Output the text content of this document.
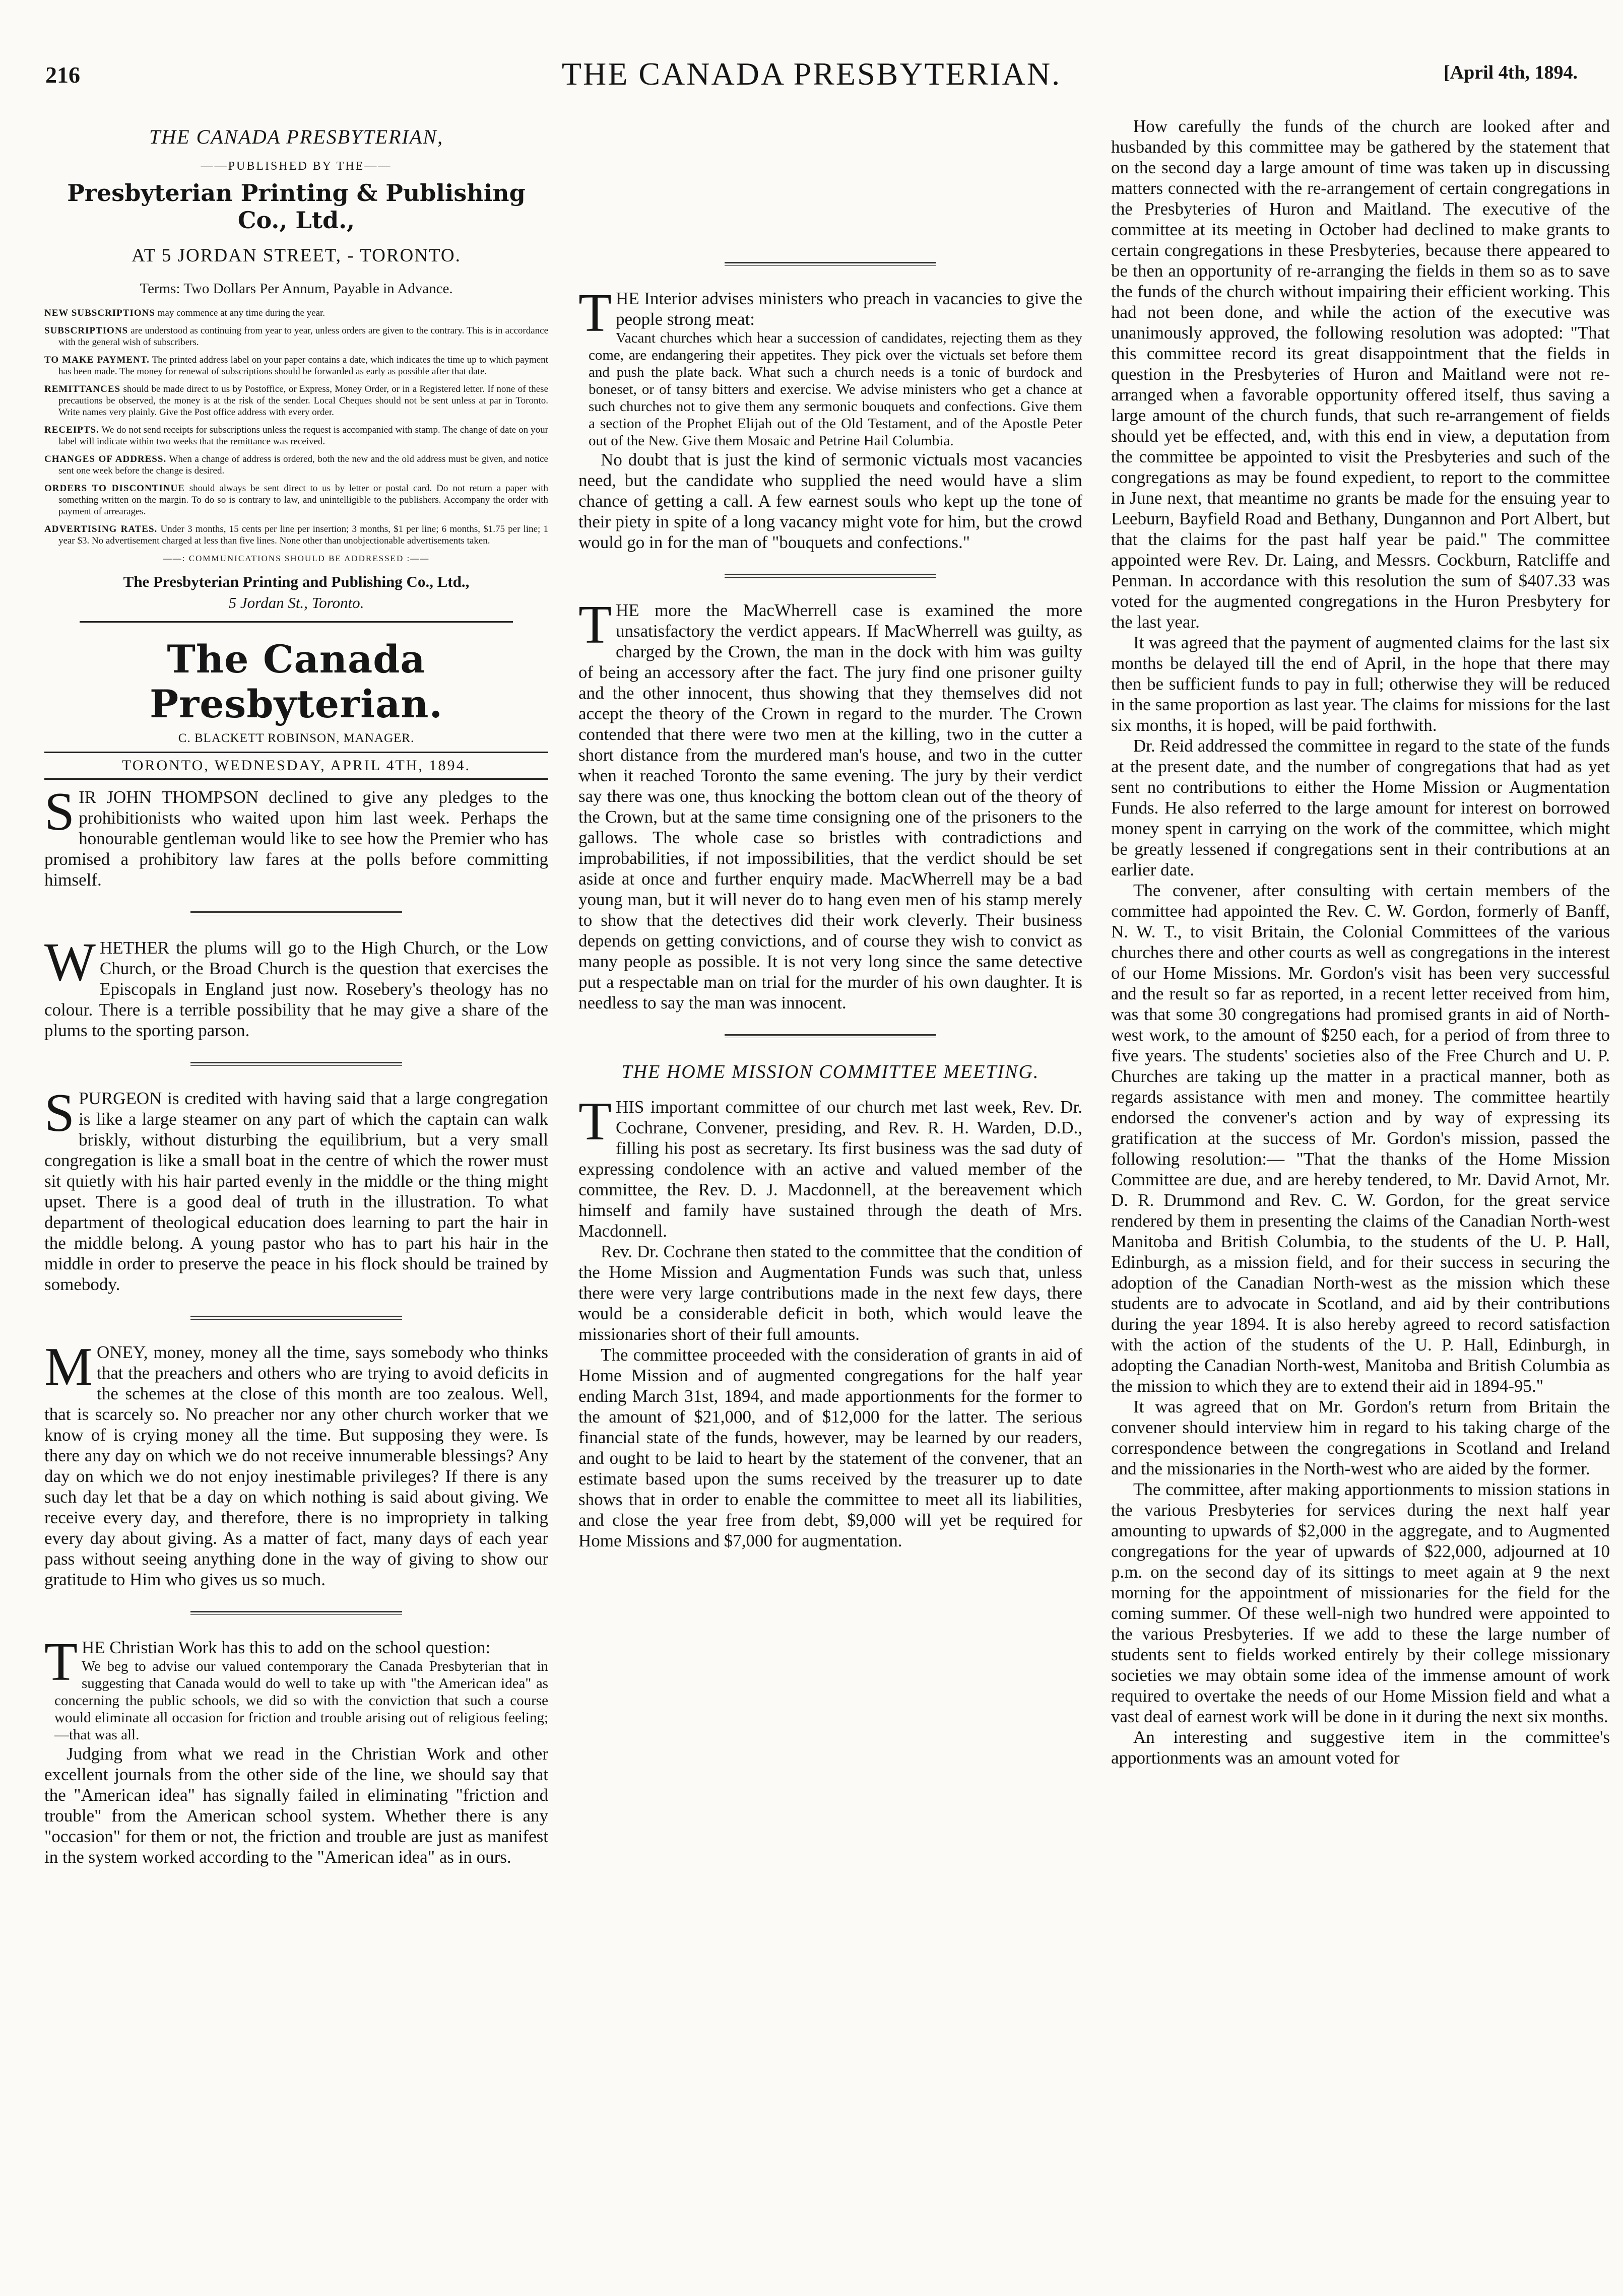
216	THE CANADA PRESBYTERIAN.	[April 4th, 1894.
THE CANADA PRESBYTERIAN,
——PUBLISHED BY THE——
Presbyterian Printing & Publishing Co., Ltd.,
AT 5 JORDAN STREET, - TORONTO.
Terms: Two Dollars Per Annum, Payable in Advance.
NEW SUBSCRIPTIONS may commence at any time during the year.
SUBSCRIPTIONS are understood as continuing from year to year, unless orders are given to the contrary. This is in accordance with the general wish of subscribers.
TO MAKE PAYMENT. The printed address label on your paper contains a date, which indicates the time up to which payment has been made. The money for renewal of subscriptions should be forwarded as early as possible after that date.
REMITTANCES should be made direct to us by Postoffice, or Express, Money Order, or in a Registered letter. If none of these precautions be observed, the money is at the risk of the sender. Local Cheques should not be sent unless at par in Toronto. Write names very plainly. Give the Post office address with every order.
RECEIPTS. We do not send receipts for subscriptions unless the request is accompanied with stamp. The change of date on your label will indicate within two weeks that the remittance was received.
CHANGES OF ADDRESS. When a change of address is ordered, both the new and the old address must be given, and notice sent one week before the change is desired.
ORDERS TO DISCONTINUE should always be sent direct to us by letter or postal card. Do not return a paper with something written on the margin. To do so is contrary to law, and unintelligible to the publishers. Accompany the order with payment of arrearages.
ADVERTISING RATES. Under 3 months, 15 cents per line per insertion; 3 months, $1 per line; 6 months, $1.75 per line; 1 year $3. No advertisement charged at less than five lines. None other than unobjectionable advertisements taken.
——: COMMUNICATIONS SHOULD BE ADDRESSED :——
The Presbyterian Printing and Publishing Co., Ltd.,
5 Jordan St., Toronto.
The Canada Presbyterian.
C. BLACKETT ROBINSON, MANAGER.
TORONTO, WEDNESDAY, APRIL 4TH, 1894.

SIR JOHN THOMPSON declined to give any pledges to the prohibitionists who waited upon him last week. Perhaps the honourable gentleman would like to see how the Premier who has promised a prohibitory law fares at the polls before committing himself.

WHETHER the plums will go to the High Church, or the Low Church, or the Broad Church is the question that exercises the Episcopals in England just now. Rosebery's theology has no colour. There is a terrible possibility that he may give a share of the plums to the sporting parson.

SPURGEON is credited with having said that a large congregation is like a large steamer on any part of which the captain can walk briskly, without disturbing the equilibrium, but a very small congregation is like a small boat in the centre of which the rower must sit quietly with his hair parted evenly in the middle or the thing might upset. There is a good deal of truth in the illustration. To what department of theological education does learning to part the hair in the middle belong. A young pastor who has to part his hair in the middle in order to preserve the peace in his flock should be trained by somebody.

MONEY, money, money all the time, says somebody who thinks that the preachers and others who are trying to avoid deficits in the schemes at the close of this month are too zealous. Well, that is scarcely so. No preacher nor any other church worker that we know of is crying money all the time. But supposing they were. Is there any day on which we do not receive innumerable blessings? Any day on which we do not enjoy inestimable privileges? If there is any such day let that be a day on which nothing is said about giving. We receive every day, and therefore, there is no impropriety in talking every day about giving. As a matter of fact, many days of each year pass without seeing anything done in the way of giving to show our gratitude to Him who gives us so much.

THE Christian Work has this to add on the school question:

We beg to advise our valued contemporary the Canada Presbyterian that in suggesting that Canada would do well to take up with "the American idea" as concerning the public schools, we did so with the conviction that such a course would eliminate all occasion for friction and trouble arising out of religious feeling;—that was all.

Judging from what we read in the Christian Work and other excellent journals from the other side of the line, we should say that the "American idea" has signally failed in eliminating "friction and trouble" from the American school system. Whether there is any "occasion" for them or not, the friction and trouble are just as manifest in the system worked according to the "American idea" as in ours.

THE Interior advises ministers who preach in vacancies to give the people strong meat:

Vacant churches which hear a succession of candidates, rejecting them as they come, are endangering their appetites. They pick over the victuals set before them and push the plate back. What such a church needs is a tonic of burdock and boneset, or of tansy bitters and exercise. We advise ministers who get a chance at such churches not to give them any sermonic bouquets and confections. Give them a section of the Prophet Elijah out of the Old Testament, and of the Apostle Peter out of the New. Give them Mosaic and Petrine Hail Columbia.

No doubt that is just the kind of sermonic victuals most vacancies need, but the candidate who supplied the need would have a slim chance of getting a call. A few earnest souls who kept up the tone of their piety in spite of a long vacancy might vote for him, but the crowd would go in for the man of "bouquets and confections."

THE more the MacWherrell case is examined the more unsatisfactory the verdict appears. If MacWherrell was guilty, as charged by the Crown, the man in the dock with him was guilty of being an accessory after the fact. The jury find one prisoner guilty and the other innocent, thus showing that they themselves did not accept the theory of the Crown in regard to the murder. The Crown contended that there were two men at the killing, two in the cutter a short distance from the murdered man's house, and two in the cutter when it reached Toronto the same evening. The jury by their verdict say there was one, thus knocking the bottom clean out of the theory of the Crown, but at the same time consigning one of the prisoners to the gallows. The whole case so bristles with contradictions and improbabilities, if not impossibilities, that the verdict should be set aside at once and further enquiry made. MacWherrell may be a bad young man, but it will never do to hang even men of his stamp merely to show that the detectives did their work cleverly. Their business depends on getting convictions, and of course they wish to convict as many people as possible. It is not very long since the same detective put a respectable man on trial for the murder of his own daughter. It is needless to say the man was innocent.

THE HOME MISSION COMMITTEE MEETING.

THIS important committee of our church met last week, Rev. Dr. Cochrane, Convener, presiding, and Rev. R. H. Warden, D.D., filling his post as secretary. Its first business was the sad duty of expressing condolence with an active and valued member of the committee, the Rev. D. J. Macdonnell, at the bereavement which himself and family have sustained through the death of Mrs. Macdonnell.

Rev. Dr. Cochrane then stated to the committee that the condition of the Home Mission and Augmentation Funds was such that, unless there were very large contributions made in the next few days, there would be a considerable deficit in both, which would leave the missionaries short of their full amounts.

The committee proceeded with the consideration of grants in aid of Home Mission and of augmented congregations for the half year ending March 31st, 1894, and made apportionments for the former to the amount of $21,000, and of $12,000 for the latter. The serious financial state of the funds, however, may be learned by our readers, and ought to be laid to heart by the statement of the convener, that an estimate based upon the sums received by the treasurer up to date shows that in order to enable the committee to meet all its liabilities, and close the year free from debt, $9,000 will yet be required for Home Missions and $7,000 for augmentation.

How carefully the funds of the church are looked after and husbanded by this committee may be gathered by the statement that on the second day a large amount of time was taken up in discussing matters connected with the re-arrangement of certain congregations in the Presbyteries of Huron and Maitland. The executive of the committee at its meeting in October had declined to make grants to certain congregations in these Presbyteries, because there appeared to be then an opportunity of re-arranging the fields in them so as to save the funds of the church without impairing their efficient working. This had not been done, and while the action of the executive was unanimously approved, the following resolution was adopted: "That this committee record its great disappointment that the fields in question in the Presbyteries of Huron and Maitland were not re-arranged when a favorable opportunity offered itself, thus saving a large amount of the church funds, that such re-arrangement of fields should yet be effected, and, with this end in view, a deputation from the committee be appointed to visit the Presbyteries and such of the congregations as may be found expedient, to report to the committee in June next, that meantime no grants be made for the ensuing year to Leeburn, Bayfield Road and Bethany, Dungannon and Port Albert, but that the claims for the past half year be paid." The committee appointed were Rev. Dr. Laing, and Messrs. Cockburn, Ratcliffe and Penman. In accordance with this resolution the sum of $407.33 was voted for the augmented congregations in the Huron Presbytery for the last year.

It was agreed that the payment of augmented claims for the last six months be delayed till the end of April, in the hope that there may then be sufficient funds to pay in full; otherwise they will be reduced in the same proportion as last year. The claims for missions for the last six months, it is hoped, will be paid forthwith.

Dr. Reid addressed the committee in regard to the state of the funds at the present date, and the number of congregations that had as yet sent no contributions to either the Home Mission or Augmentation Funds. He also referred to the large amount for interest on borrowed money spent in carrying on the work of the committee, which might be greatly lessened if congregations sent in their contributions at an earlier date.

The convener, after consulting with certain members of the committee had appointed the Rev. C. W. Gordon, formerly of Banff, N. W. T., to visit Britain, the Colonial Committees of the various churches there and other courts as well as congregations in the interest of our Home Missions. Mr. Gordon's visit has been very successful and the result so far as reported, in a recent letter received from him, was that some 30 congregations had promised grants in aid of North-west work, to the amount of $250 each, for a period of from three to five years. The students' societies also of the Free Church and U. P. Churches are taking up the matter in a practical manner, both as regards assistance with men and money. The committee heartily endorsed the convener's action and by way of expressing its gratification at the success of Mr. Gordon's mission, passed the following resolution:— "That the thanks of the Home Mission Committee are due, and are hereby tendered, to Mr. David Arnot, Mr. D. R. Drummond and Rev. C. W. Gordon, for the great service rendered by them in presenting the claims of the Canadian North-west Manitoba and British Columbia, to the students of the U. P. Hall, Edinburgh, as a mission field, and for their success in securing the adoption of the Canadian North-west as the mission which these students are to advocate in Scotland, and aid by their contributions during the year 1894. It is also hereby agreed to record satisfaction with the action of the students of the U. P. Hall, Edinburgh, in adopting the Canadian North-west, Manitoba and British Columbia as the mission to which they are to extend their aid in 1894-95."

It was agreed that on Mr. Gordon's return from Britain the convener should interview him in regard to his taking charge of the correspondence between the congregations in Scotland and Ireland and the missionaries in the North-west who are aided by the former.

The committee, after making apportionments to mission stations in the various Presbyteries for services during the next half year amounting to upwards of $2,000 in the aggregate, and to Augmented congregations for the year of upwards of $22,000, adjourned at 10 p.m. on the second day of its sittings to meet again at 9 the next morning for the appointment of missionaries for the field for the coming summer. Of these well-nigh two hundred were appointed to the various Presbyteries. If we add to these the large number of students sent to fields worked entirely by their college missionary societies we may obtain some idea of the immense amount of work required to overtake the needs of our Home Mission field and what a vast deal of earnest work will be done in it during the next six months.

An interesting and suggestive item in the committee's apportionments was an amount voted for
